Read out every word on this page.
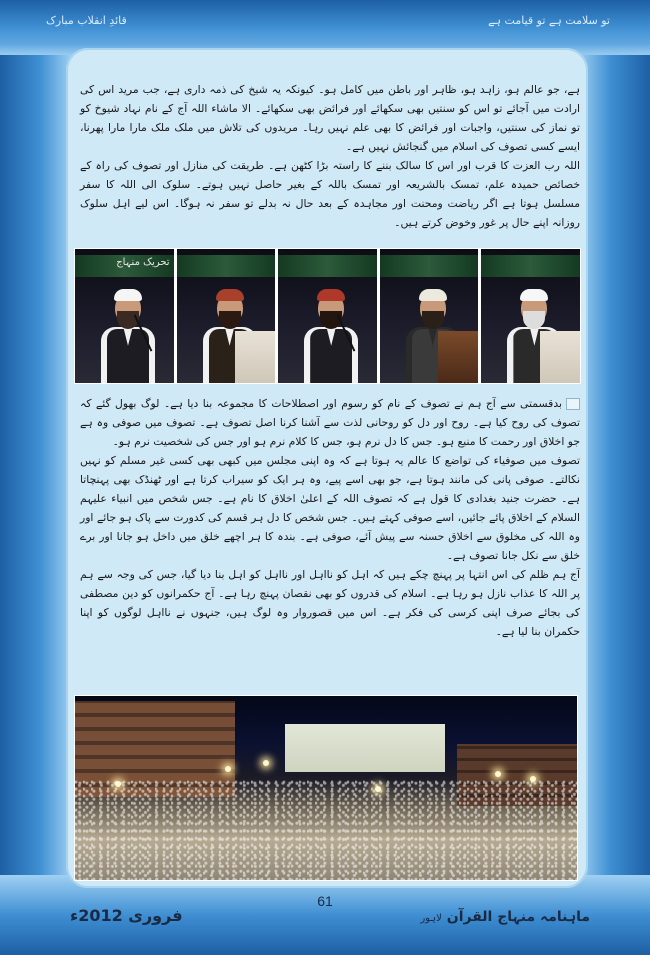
قائدِ انقلاب مبارک	تو سلامت ہے تو قیامت ہے
فروری 2012ء	ماہنامہ منہاج القرآن لاہور

ہے، جو عالم ہو، زاہد ہو، ظاہر اور باطن میں کامل ہو۔ کیونکہ یہ شیخ کی ذمہ داری ہے، جب مرید اس کی ارادت میں آجائے تو اس کو سنتیں بھی سکھائے اور فرائض بھی سکھائے۔ الا ماشاء اللہ آج کے نام نہاد شیوخ کو تو نماز کی سنتیں، واجبات اور فرائض کا بھی علم نہیں رہا۔ مریدوں کی تلاش میں ملک ملک مارا مارا پھرنا، ایسے کسی تصوف کی اسلام میں گنجائش نہیں ہے۔

اللہ رب العزت کا قرب اور اس کا سالک بننے کا راستہ بڑا کٹھن ہے۔ طریقت کی منازل اور تصوف کی راہ کے خصائص حمیدہ علم، تمسک بالشریعہ اور تمسک باللہ کے بغیر حاصل نہیں ہوتے۔ سلوک الی اللہ کا سفر مسلسل ہوتا ہے اگر ریاضت ومحنت اور مجاہدہ کے بعد حال نہ بدلے تو سفر نہ ہوگا۔ اس لیے اہل سلوک روزانہ اپنے حال پر غور وخوض کرتے ہیں۔

تحریک منہاج

بدقسمتی سے آج ہم نے تصوف کے نام کو رسوم اور اصطلاحات کا مجموعہ بنا دیا ہے۔ لوگ بھول گئے کہ تصوف کی روح کیا ہے۔ روح اور دل کو روحانی لذت سے آشنا کرنا اصل تصوف ہے۔ تصوف میں صوفی وہ ہے جو اخلاق اور رحمت کا منبع ہو۔ جس کا دل نرم ہو، جس کا کلام نرم ہو اور جس کی شخصیت نرم ہو۔

تصوف میں صوفیاء کی تواضع کا عالم یہ ہوتا ہے کہ وہ اپنی مجلس میں کبھی بھی کسی غیر مسلم کو نہیں نکالتے۔ صوفی پانی کی مانند ہوتا ہے، جو بھی اسے پیے، وہ ہر ایک کو سیراب کرتا ہے اور ٹھنڈک بھی پہنچاتا ہے۔ حضرت جنید بغدادی کا قول ہے کہ تصوف اللہ کے اعلیٰ اخلاق کا نام ہے۔ جس شخص میں انبیاء علیہم السلام کے اخلاق پائے جائیں، اسے صوفی کہتے ہیں۔ جس شخص کا دل ہر قسم کی کدورت سے پاک ہو جائے اور وہ اللہ کی مخلوق سے اخلاق حسنہ سے پیش آئے، صوفی ہے۔ بندہ کا ہر اچھے خلق میں داخل ہو جانا اور برے خلق سے نکل جانا تصوف ہے۔

آج ہم ظلم کی اس انتہا پر پہنچ چکے ہیں کہ اہل کو نااہل اور نااہل کو اہل بنا دیا گیا، جس کی وجہ سے ہم پر اللہ کا عذاب نازل ہو رہا ہے۔ اسلام کی قدروں کو بھی نقصان پہنچ رہا ہے۔ آج حکمرانوں کو دین مصطفی کی بجائے صرف اپنی کرسی کی فکر ہے۔ اس میں قصوروار وہ لوگ ہیں، جنہوں نے نااہل لوگوں کو اپنا حکمران بنا لیا ہے۔

61
